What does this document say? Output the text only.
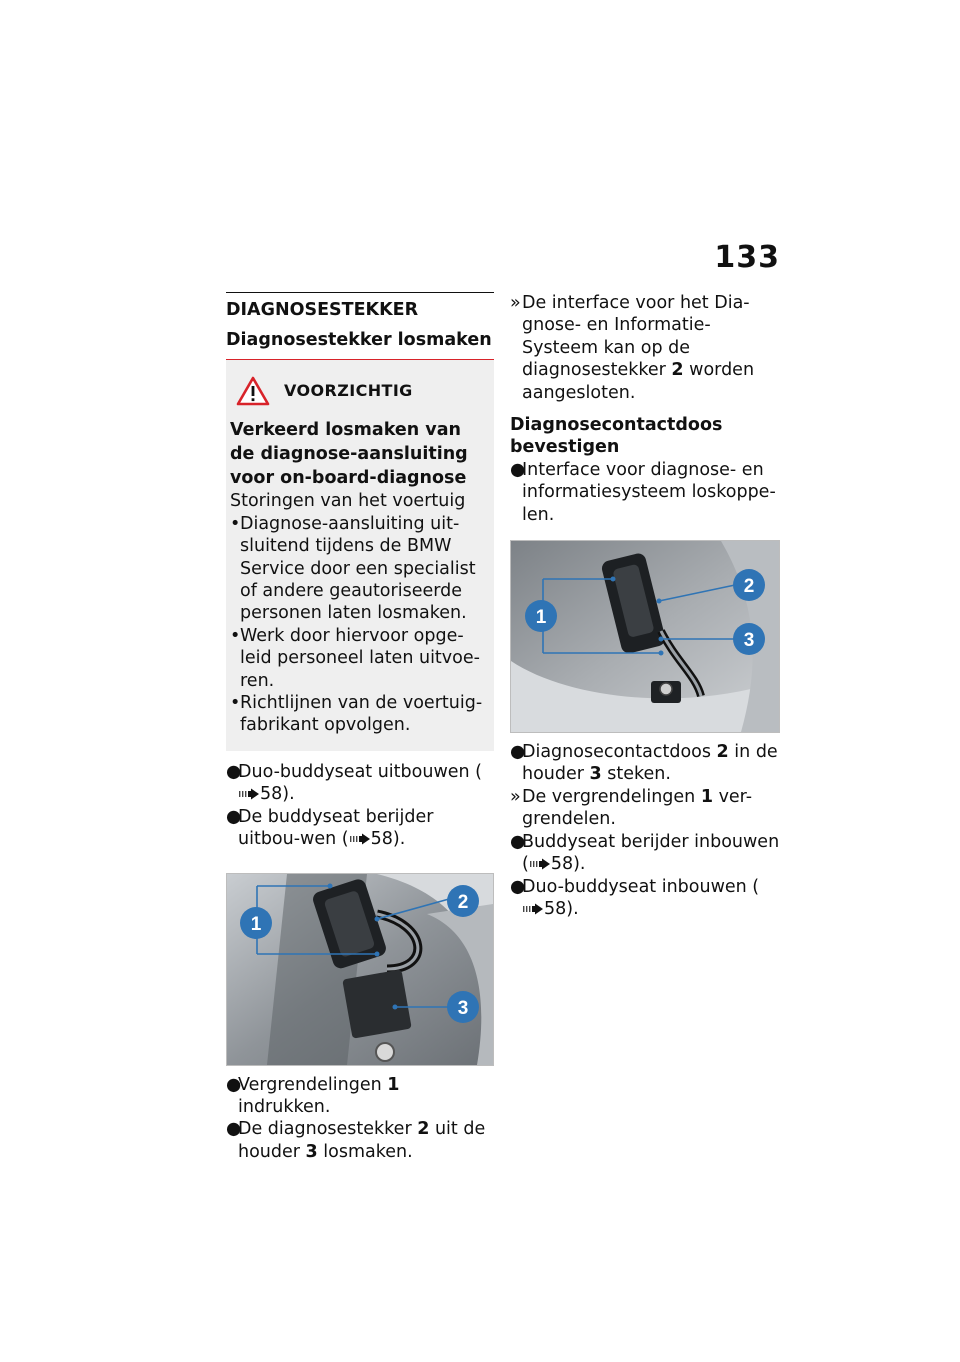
133
DIAGNOSESTEKKER
Diagnosestekker losmaken
VOORZICHTIG
Verkeerd losmaken van de diagnose-aansluiting voor on-board-diagnose
Storingen van het voertuig
• Diagnose-aansluiting uit-sluitend tijdens de BMW Service door een specialist of andere geautoriseerde personen laten losmaken.
• Werk door hiervoor opge-leid personeel laten uitvoe-ren.
• Richtlijnen van de voertuig-fabrikant opvolgen.
●
Duo-buddyseat uitbouwen (58).
●
De buddyseat berijder uitbou-wen ( 58).
1
2
3
●
Vergrendelingen 1 indrukken.
●
De diagnosestekker 2 uit de houder 3 losmaken.
» De interface voor het Dia-gnose- en Informatie-Systeem kan op de diagnosestekker 2 worden aangesloten.
Diagnosecontactdoos bevestigen
●
Interface voor diagnose- en informatiesysteem loskoppe-len.
1
2
3
●
Diagnosecontactdoos 2 in de houder 3 steken.
» De vergrendelingen 1 ver-grendelen.
●
Buddyseat berijder inbouwen ( 58).
●
Duo-buddyseat inbouwen (58).
